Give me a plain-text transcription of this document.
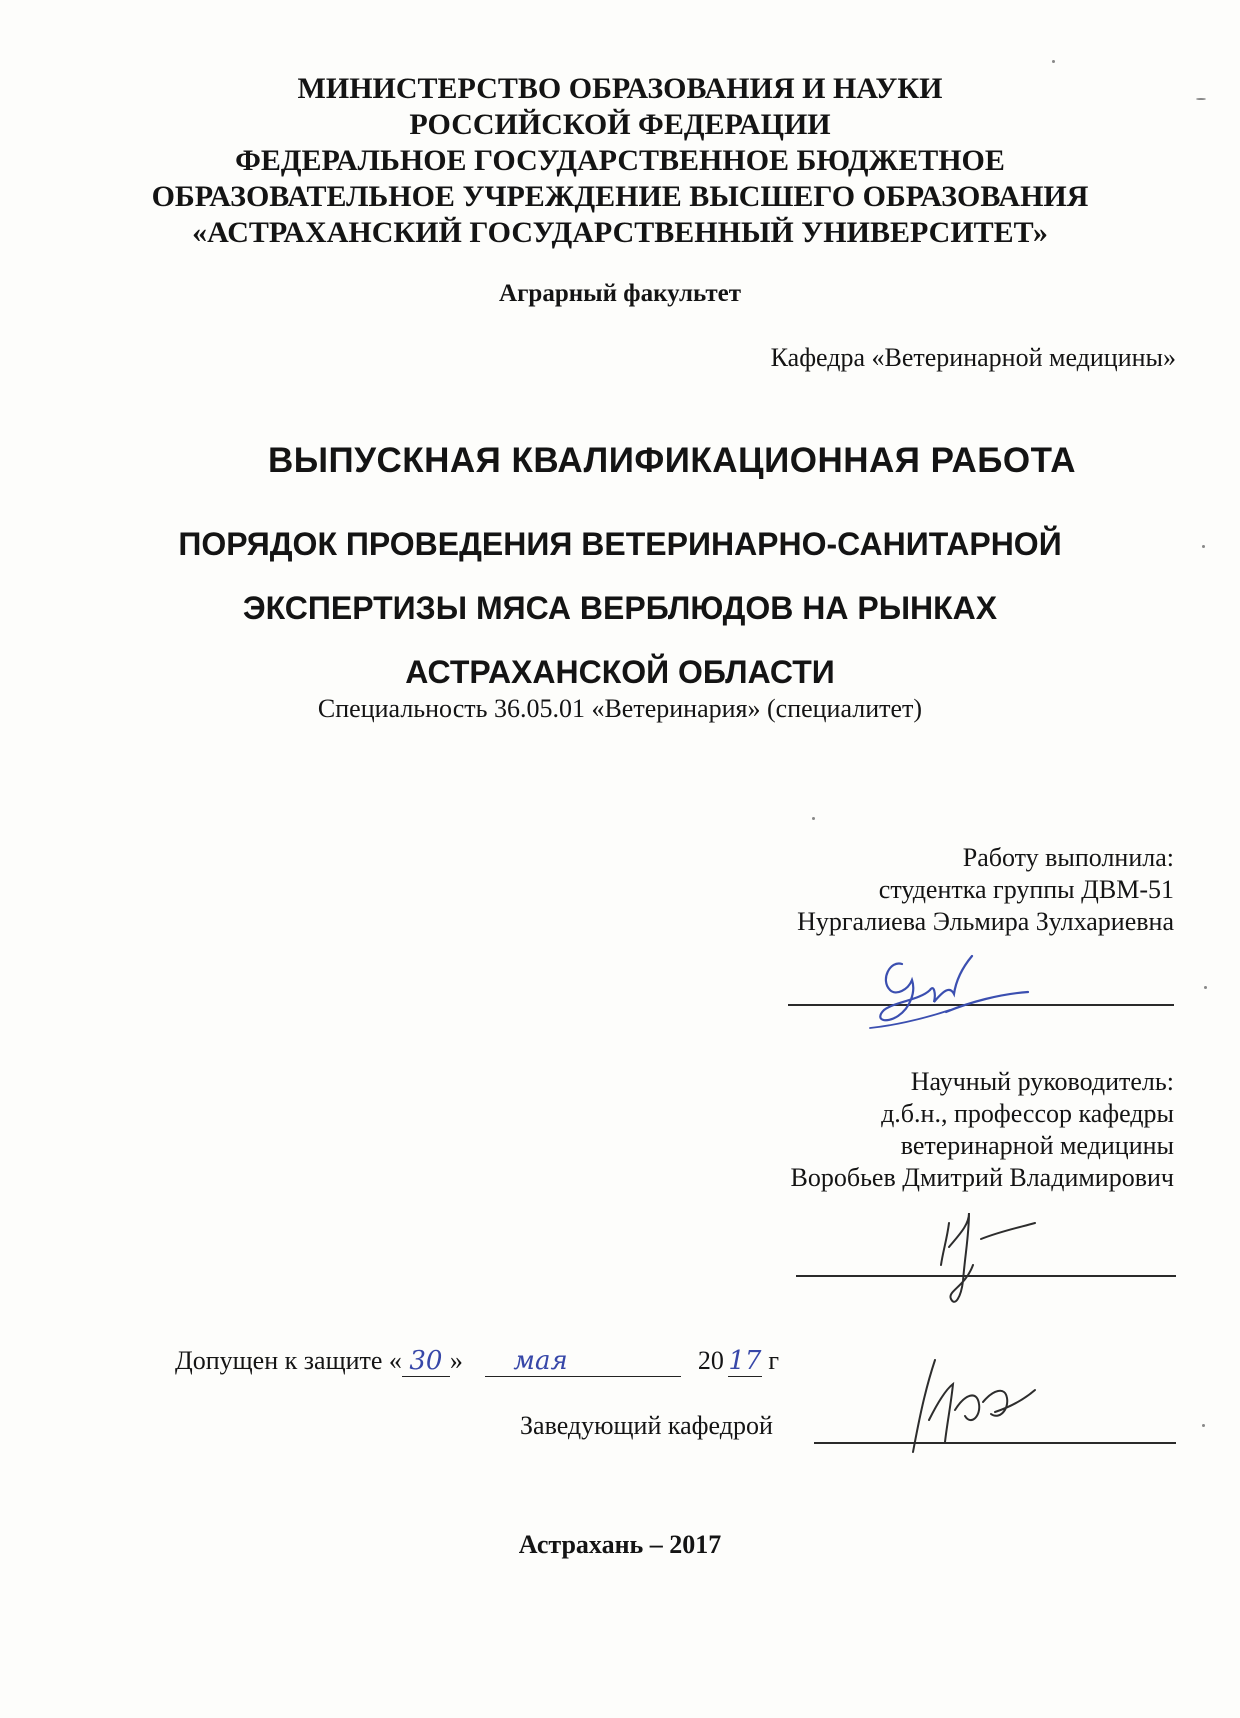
МИНИСТЕРСТВО ОБРАЗОВАНИЯ И НАУКИ
РОССИЙСКОЙ ФЕДЕРАЦИИ
ФЕДЕРАЛЬНОЕ ГОСУДАРСТВЕННОЕ БЮДЖЕТНОЕ
ОБРАЗОВАТЕЛЬНОЕ УЧРЕЖДЕНИЕ ВЫСШЕГО ОБРАЗОВАНИЯ
«АСТРАХАНСКИЙ ГОСУДАРСТВЕННЫЙ УНИВЕРСИТЕТ»
Аграрный факультет
Кафедра «Ветеринарной медицины»
ВЫПУСКНАЯ КВАЛИФИКАЦИОННАЯ РАБОТА
ПОРЯДОК ПРОВЕДЕНИЯ ВЕТЕРИНАРНО-САНИТАРНОЙ
ЭКСПЕРТИЗЫ МЯСА ВЕРБЛЮДОВ НА РЫНКАХ
АСТРАХАНСКОЙ ОБЛАСТИ
Специальность 36.05.01 «Ветеринария» (специалитет)
Работу выполнила:
студентка группы ДВМ-51
Нургалиева Эльмира Зулхариевна
Научный руководитель:
д.б.н., профессор кафедры
ветеринарной медицины
Воробьев Дмитрий Владимирович
Допущен к защите « 30 » мая	20 17 г
Заведующий кафедрой
Астрахань – 2017
